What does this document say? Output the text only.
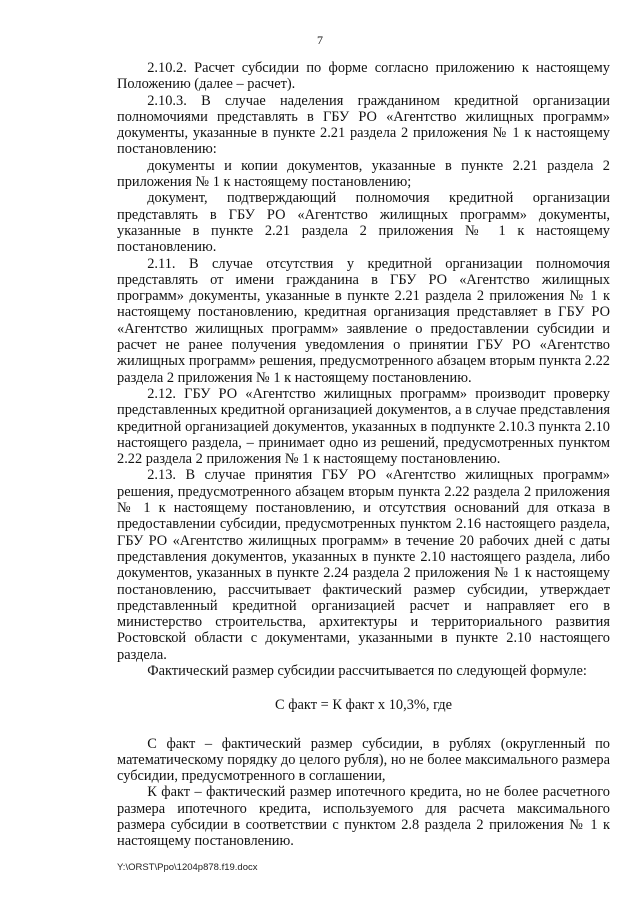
7

2.10.2. Расчет субсидии по форме согласно приложению к настоящему Положению (далее – расчет).

2.10.3. В случае наделения гражданином кредитной организации полномочиями представлять в ГБУ РО «Агентство жилищных программ» документы, указанные в пункте 2.21 раздела 2 приложения № 1 к настоящему постановлению:

документы и копии документов, указанные в пункте 2.21 раздела 2 приложения № 1 к настоящему постановлению;

документ, подтверждающий полномочия кредитной организации представлять в ГБУ РО «Агентство жилищных программ» документы, указанные в пункте 2.21 раздела 2 приложения № 1 к настоящему постановлению.

2.11. В случае отсутствия у кредитной организации полномочия представлять от имени гражданина в ГБУ РО «Агентство жилищных программ» документы, указанные в пункте 2.21 раздела 2 приложения № 1 к настоящему постановлению, кредитная организация представляет в ГБУ РО «Агентство жилищных программ» заявление о предоставлении субсидии и расчет не ранее получения уведомления о принятии ГБУ РО «Агентство жилищных программ» решения, предусмотренного абзацем вторым пункта 2.22 раздела 2 приложения № 1 к настоящему постановлению.

2.12. ГБУ РО «Агентство жилищных программ» производит проверку представленных кредитной организацией документов, а в случае представления кредитной организацией документов, указанных в подпункте 2.10.3 пункта 2.10 настоящего раздела, – принимает одно из решений, предусмотренных пунктом 2.22 раздела 2 приложения № 1 к настоящему постановлению.

2.13. В случае принятия ГБУ РО «Агентство жилищных программ» решения, предусмотренного абзацем вторым пункта 2.22 раздела 2 приложения № 1 к настоящему постановлению, и отсутствия оснований для отказа в предоставлении субсидии, предусмотренных пунктом 2.16 настоящего раздела, ГБУ РО «Агентство жилищных программ» в течение 20 рабочих дней с даты представления документов, указанных в пункте 2.10 настоящего раздела, либо документов, указанных в пункте 2.24 раздела 2 приложения № 1 к настоящему постановлению, рассчитывает фактический размер субсидии, утверждает представленный кредитной организацией расчет и направляет его в министерство строительства, архитектуры и территориального развития Ростовской области с документами, указанными в пункте 2.10 настоящего раздела.

Фактический размер субсидии рассчитывается по следующей формуле:

С факт = К факт х 10,3%, где

С факт – фактический размер субсидии, в рублях (округленный по математическому порядку до целого рубля), но не более максимального размера субсидии, предусмотренного в соглашении,

К факт – фактический размер ипотечного кредита, но не более расчетного размера ипотечного кредита, используемого для расчета максимального размера субсидии в соответствии с пунктом 2.8 раздела 2 приложения № 1 к настоящему постановлению.

Y:\ORST\Ppo\1204p878.f19.docx
